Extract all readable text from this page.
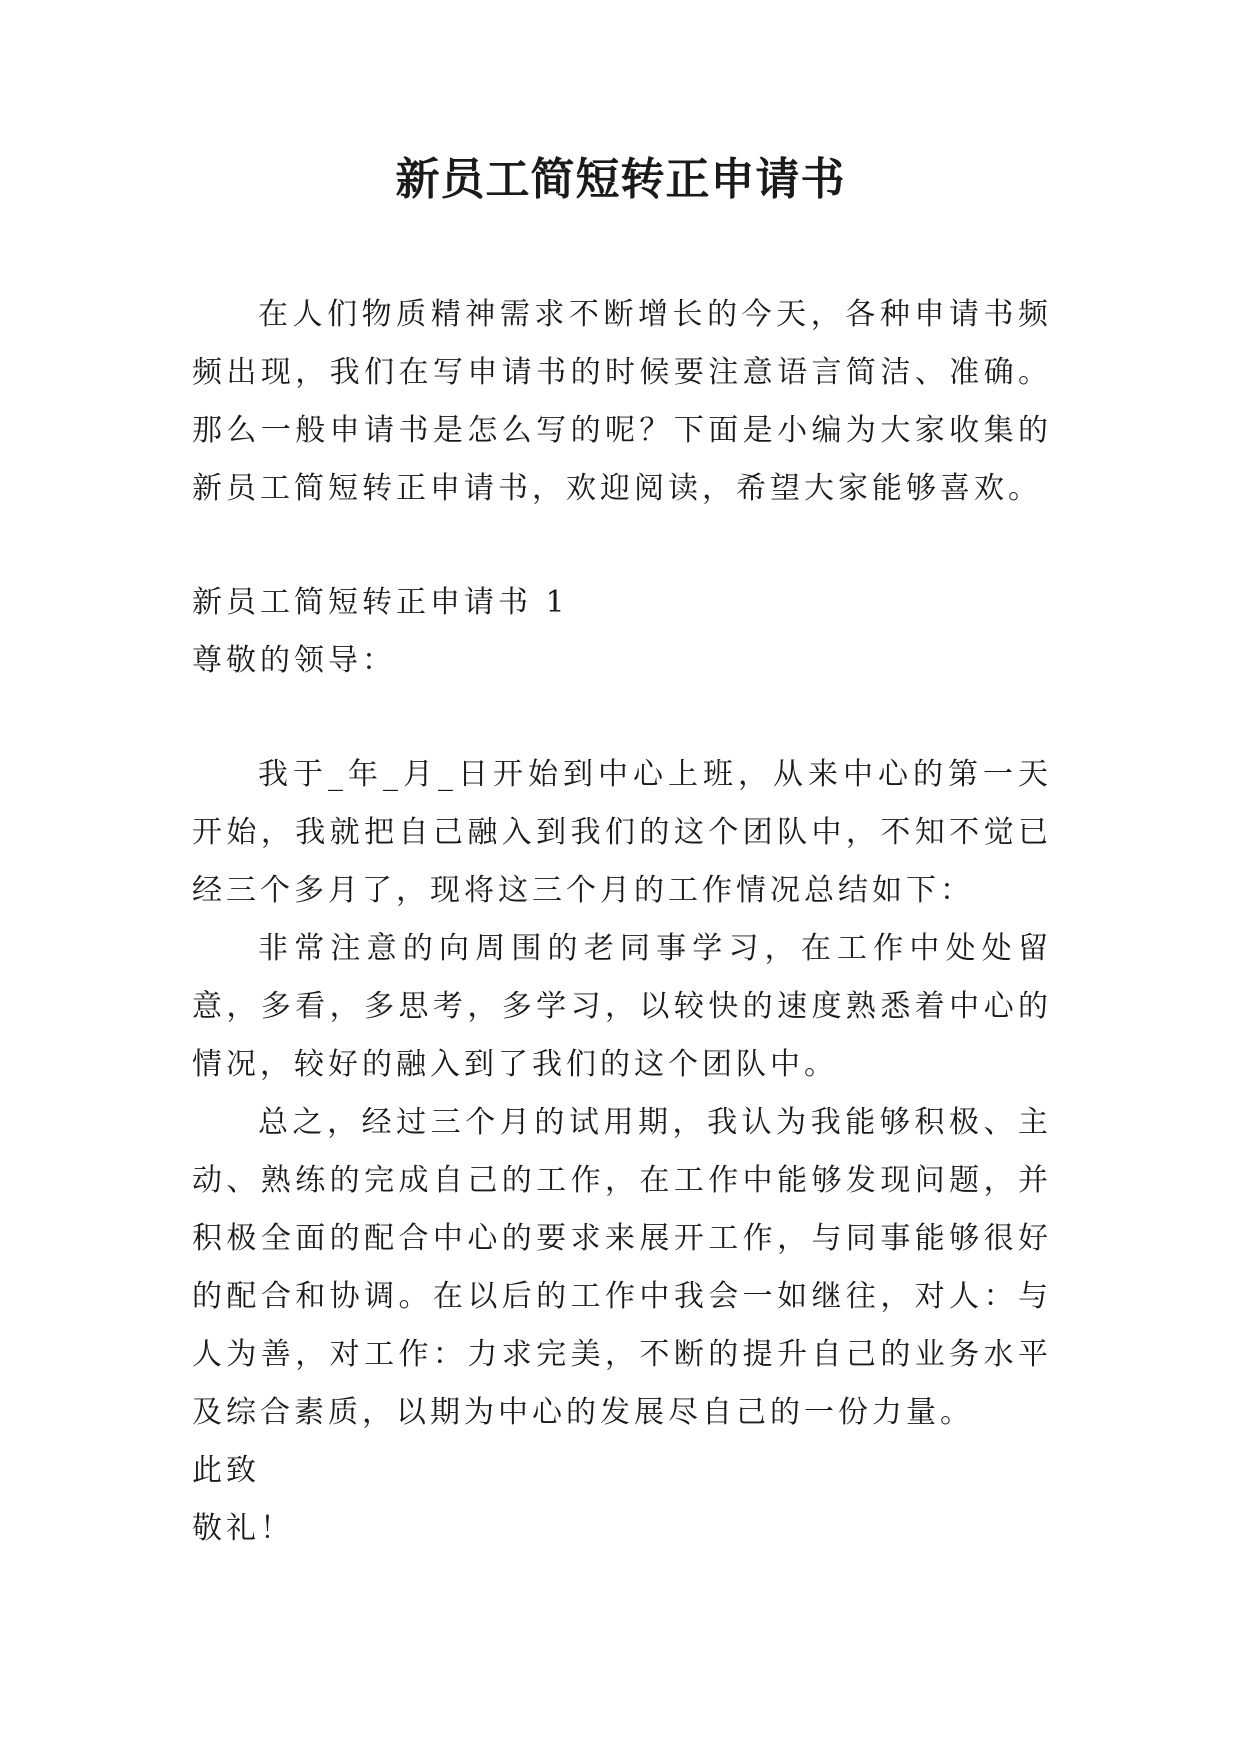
新员工简短转正申请书

在人们物质精神需求不断增长的今天，各种申请书频频出现，我们在写申请书的时候要注意语言简洁、准确。那么一般申请书是怎么写的呢？下面是小编为大家收集的新员工简短转正申请书，欢迎阅读，希望大家能够喜欢。

新员工简短转正申请书 1

尊敬的领导：

我于_年_月_日开始到中心上班，从来中心的第一天开始，我就把自己融入到我们的这个团队中，不知不觉已经三个多月了，现将这三个月的工作情况总结如下：

非常注意的向周围的老同事学习，在工作中处处留意，多看，多思考，多学习，以较快的速度熟悉着中心的情况，较好的融入到了我们的这个团队中。

总之，经过三个月的试用期，我认为我能够积极、主动、熟练的完成自己的工作，在工作中能够发现问题，并积极全面的配合中心的要求来展开工作，与同事能够很好的配合和协调。在以后的工作中我会一如继往，对人：与人为善，对工作：力求完美，不断的提升自己的业务水平及综合素质，以期为中心的发展尽自己的一份力量。

此致

敬礼！
